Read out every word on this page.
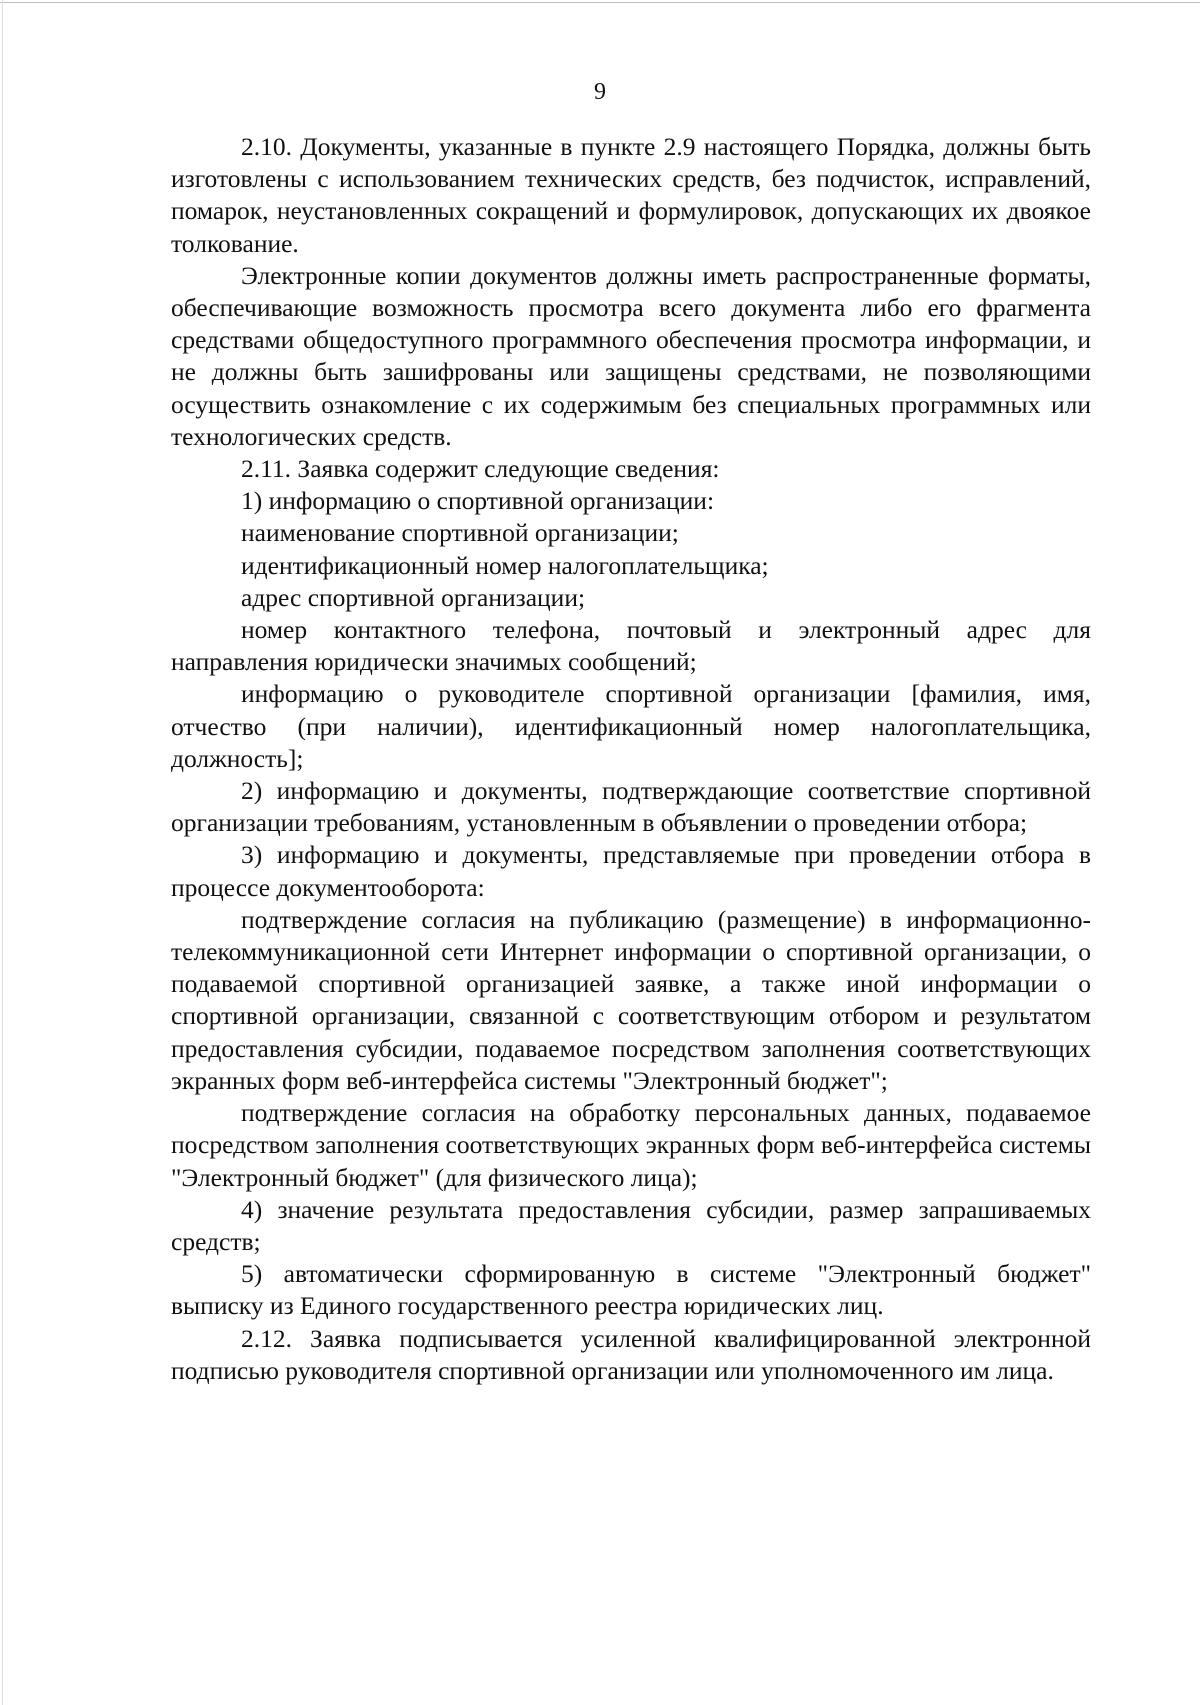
9

2.10. Документы, указанные в пункте 2.9 настоящего Порядка, должны быть изготовлены с использованием технических средств, без подчисток, исправлений, помарок, неустановленных сокращений и формулировок, допускающих их двоякое толкование.

Электронные копии документов должны иметь распространенные форматы, обеспечивающие возможность просмотра всего документа либо его фрагмента средствами общедоступного программного обеспечения просмотра информации, и не должны быть зашифрованы или защищены средствами, не позволяющими осуществить ознакомление с их содержимым без специальных программных или технологических средств.

2.11. Заявка содержит следующие сведения:

1) информацию о спортивной организации:

наименование спортивной организации;

идентификационный номер налогоплательщика;

адрес спортивной организации;

номер контактного телефона, почтовый и электронный адрес для направления юридически значимых сообщений;

информацию о руководителе спортивной организации [фамилия, имя, отчество (при наличии), идентификационный номер налогоплательщика, должность];

2) информацию и документы, подтверждающие соответствие спортивной организации требованиям, установленным в объявлении о проведении отбора;

3) информацию и документы, представляемые при проведении отбора в процессе документооборота:

подтверждение согласия на публикацию (размещение) в информационно-телекоммуникационной сети Интернет информации о спортивной организации, о подаваемой спортивной организацией заявке, а также иной информации о спортивной организации, связанной с соответствующим отбором и результатом предоставления субсидии, подаваемое посредством заполнения соответствующих экранных форм веб-интерфейса системы "Электронный бюджет";

подтверждение согласия на обработку персональных данных, подаваемое посредством заполнения соответствующих экранных форм веб-интерфейса системы "Электронный бюджет" (для физического лица);

4) значение результата предоставления субсидии, размер запрашиваемых средств;

5) автоматически сформированную в системе "Электронный бюджет" выписку из Единого государственного реестра юридических лиц.

2.12. Заявка подписывается усиленной квалифицированной электронной подписью руководителя спортивной организации или уполномоченного им лица.
